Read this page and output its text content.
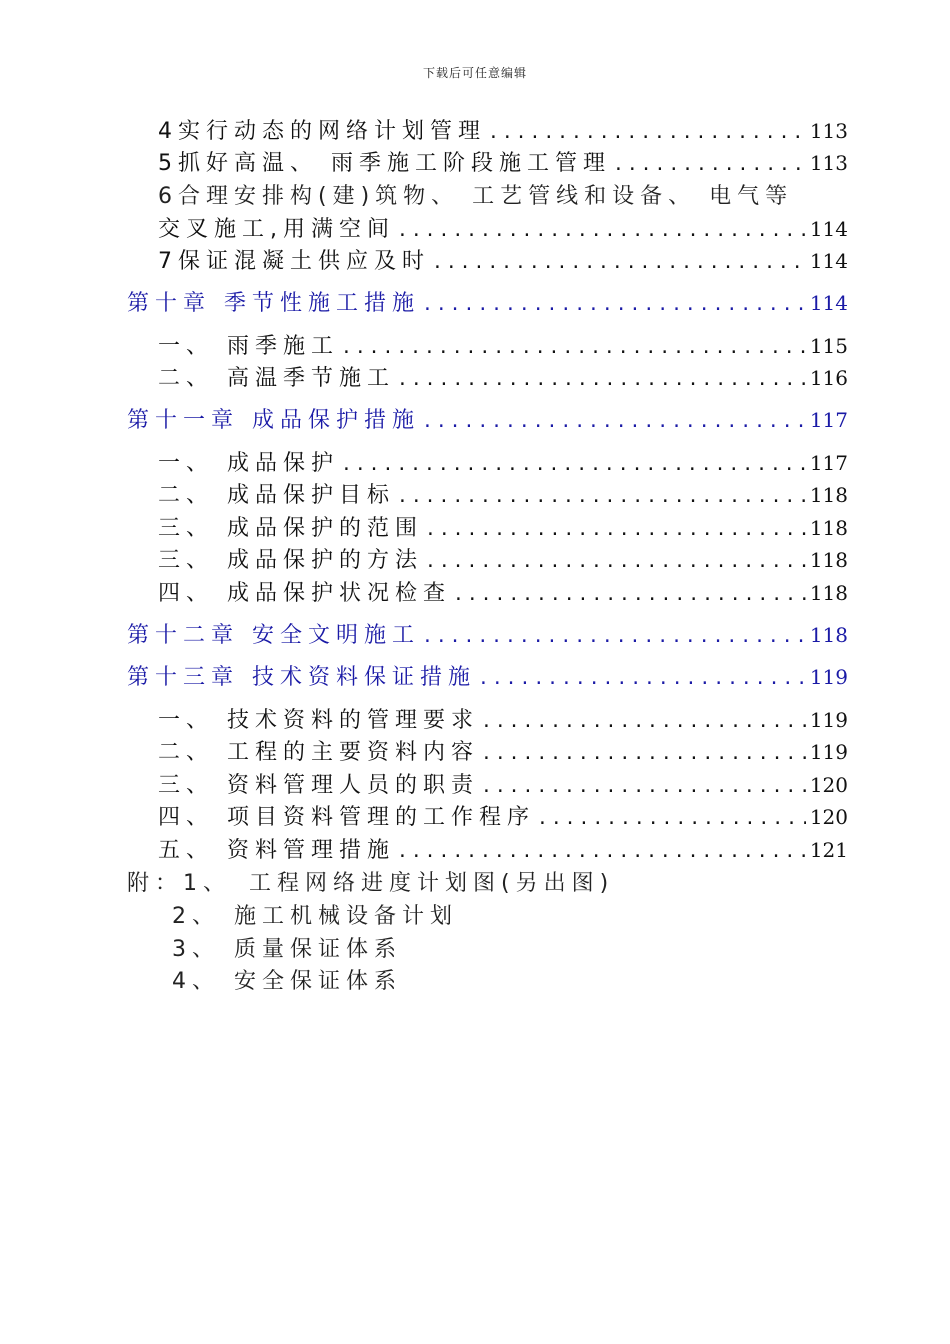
下载后可任意编辑
4实行动态的网络计划管理 .....	113
5抓好高温、 雨季施工阶段施工管理 .....	113
6合理安排构(建)筑物、 工艺管线和设备、 电气等
交叉施工,用满空间 .....	114
7保证混凝土供应及时 .....	114
第十章 季节性施工措施 .....	114
一、 雨季施工 .....	115
二、 高温季节施工 .....	116
第十一章 成品保护措施 .....	117
一、 成品保护 .....	117
二、 成品保护目标 .....	118
三、 成品保护的范围 .....	118
三、 成品保护的方法 .....	118
四、 成品保护状况检查 .....	118
第十二章 安全文明施工 .....	118
第十三章 技术资料保证措施 .....	119
一、 技术资料的管理要求 .....	119
二、 工程的主要资料内容 .....	119
三、 资料管理人员的职责 .....	120
四、 项目资料管理的工作程序 .....	120
五、 资料管理措施 .....	121
附：1、 工程网络进度计划图(另出图)
2、 施工机械设备计划
3、 质量保证体系
4、 安全保证体系
